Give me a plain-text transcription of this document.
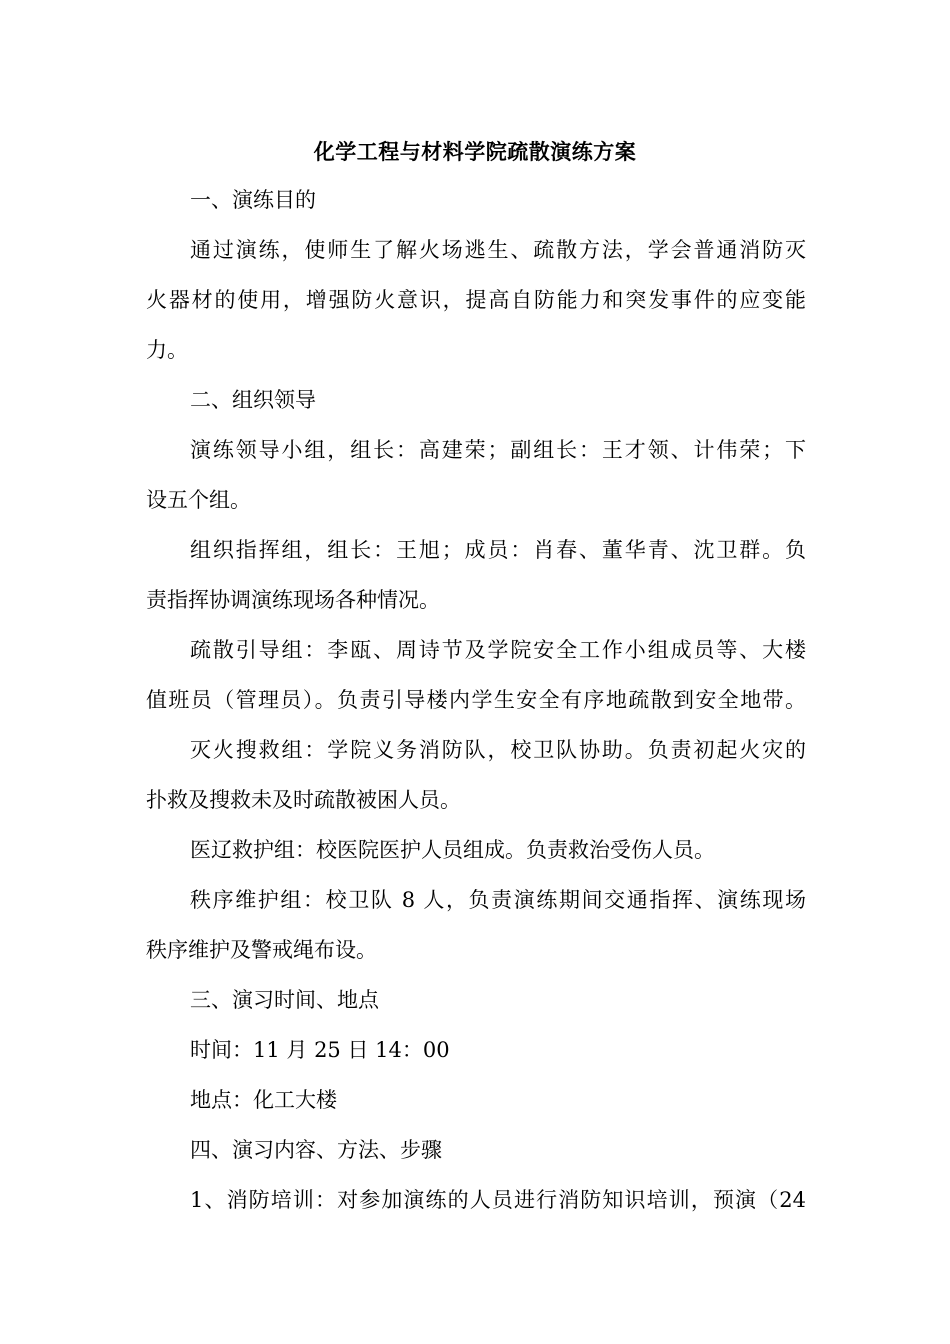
化学工程与材料学院疏散演练方案
一、演练目的
通过演练，使师生了解火场逃生、疏散方法，学会普通消防灭
火器材的使用，增强防火意识，提高自防能力和突发事件的应变能
力。
二、组织领导
演练领导小组，组长：高建荣；副组长：王才领、计伟荣；下
设五个组。
组织指挥组，组长：王旭；成员：肖春、董华青、沈卫群。负
责指挥协调演练现场各种情况。
疏散引导组：李瓯、周诗节及学院安全工作小组成员等、大楼
值班员（管理员）。负责引导楼内学生安全有序地疏散到安全地带。
灭火搜救组：学院义务消防队，校卫队协助。负责初起火灾的
扑救及搜救未及时疏散被困人员。
医辽救护组：校医院医护人员组成。负责救治受伤人员。
秩序维护组：校卫队 8 人，负责演练期间交通指挥、演练现场
秩序维护及警戒绳布设。
三、演习时间、地点
时间：11 月 25 日 14：00
地点：化工大楼
四、演习内容、方法、步骤
1、消防培训：对参加演练的人员进行消防知识培训，预演（24
